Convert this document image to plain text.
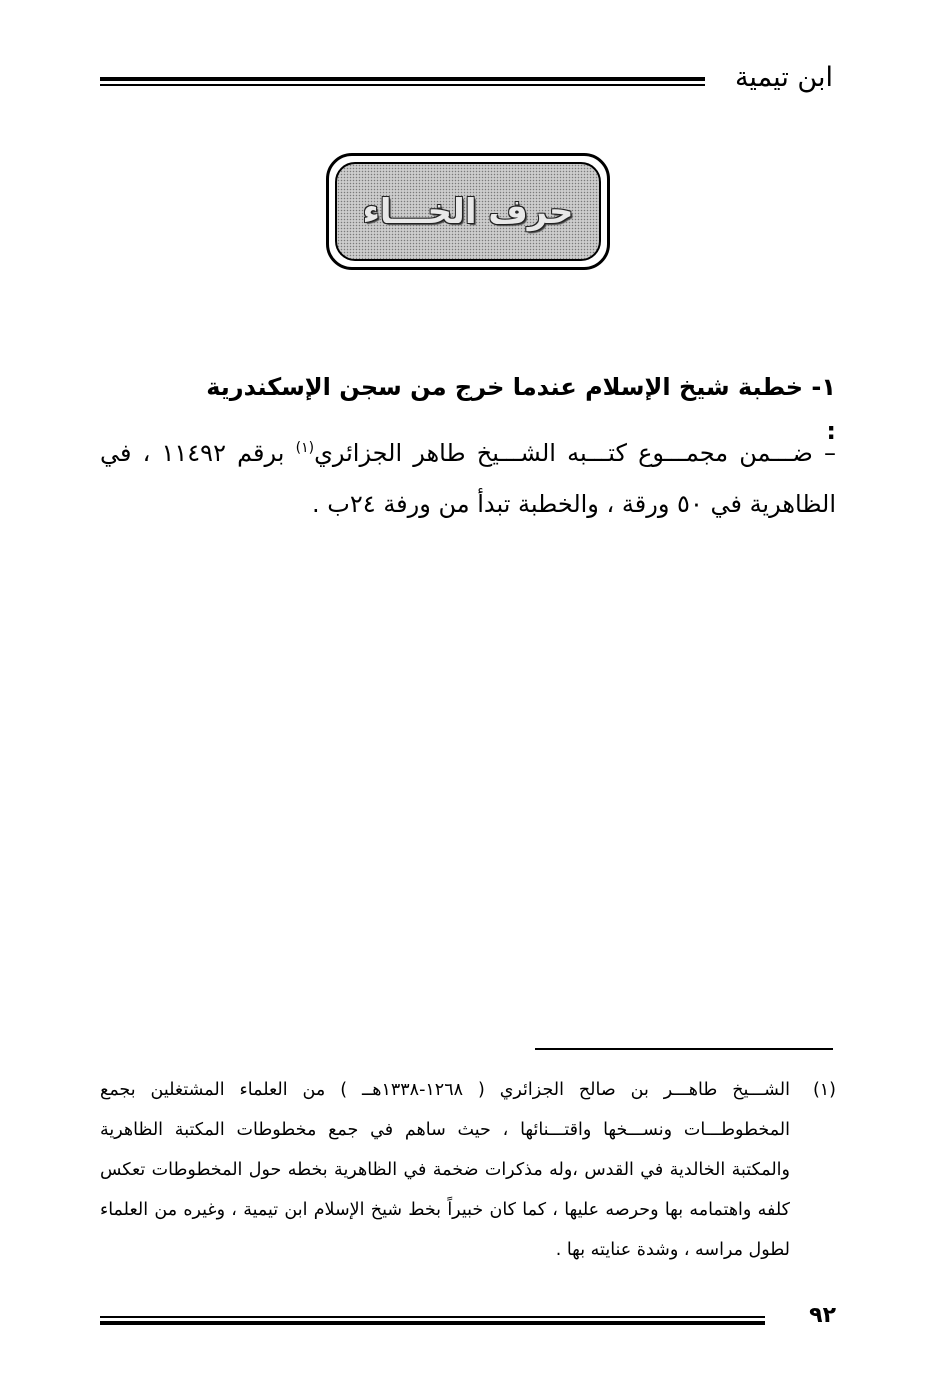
ابن تيمية
حرف الخـــاء
١- خطبة شيخ الإسلام عندما خرج من سجن الإسكندرية :
– ضـــمن مجمـــوع كتـــبه الشـــيخ طاهر الجزائري$^{(١)}$ برقم ١١٤٩٢ ، في الظاهرية في ٥٠ ورقة ، والخطبة تبدأ من ورفة ٢٤ب .
(١)
الشـــيخ طاهـــر بن صالح الجزائري ( ١٢٦٨-١٣٣٨هــ ) من العلماء المشتغلين بجمع المخطوطـــات ونســـخها واقتـــنائها ، حيث ساهم في جمع مخطوطات المكتبة الظاهرية والمكتبة الخالدية في القدس ،وله مذكرات ضخمة في الظاهرية بخطه حول المخطوطات تعكس كلفه واهتمامه بها وحرصه عليها ، كما كان خبيراً بخط شيخ الإسلام ابن تيمية ، وغيره من العلماء لطول مراسه ، وشدة عنايته بها .
٩٢
